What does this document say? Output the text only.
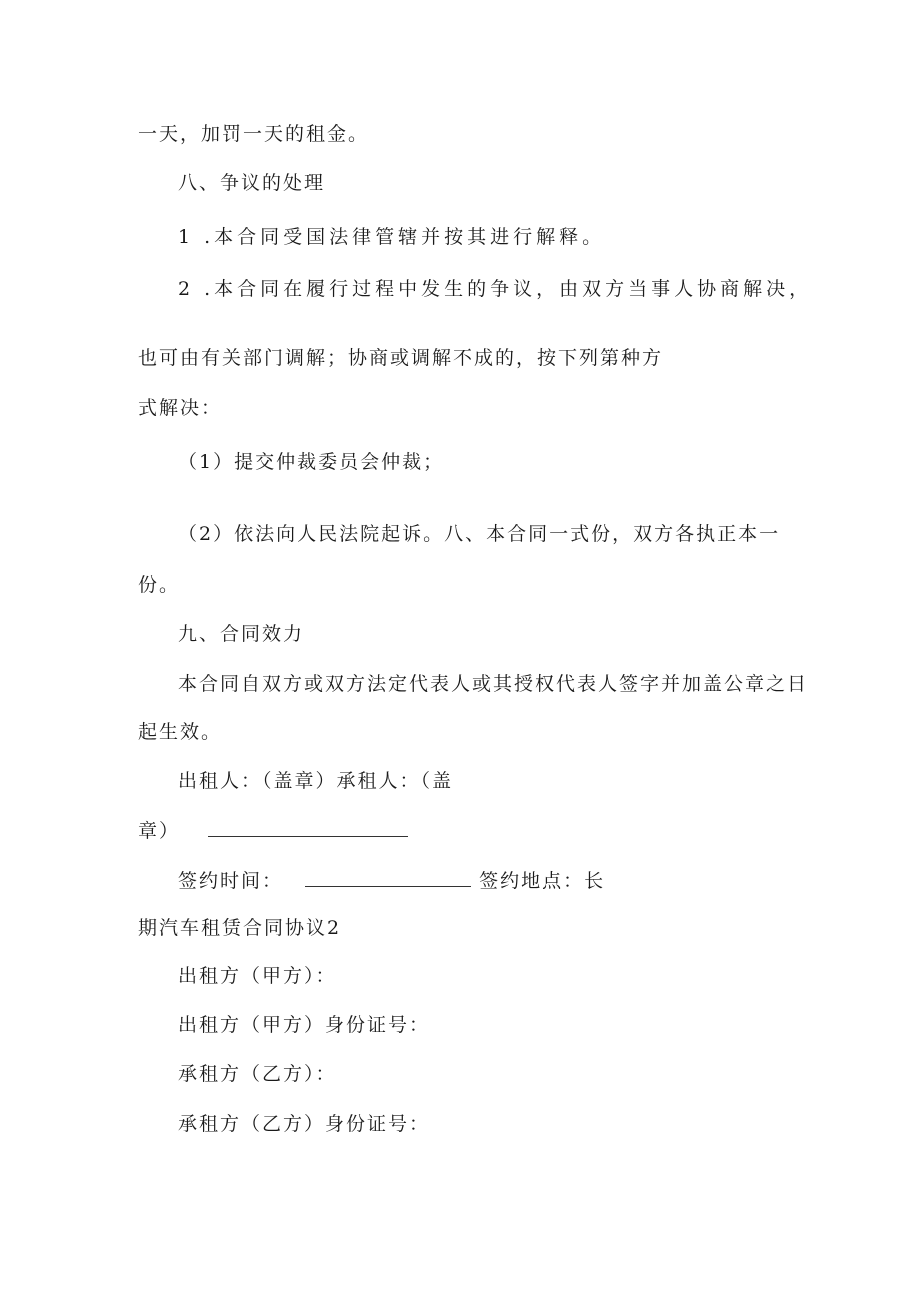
一天，加罚一天的租金。
八、争议的处理
1 .本合同受国法律管辖并按其进行解释。
2 .本合同在履行过程中发生的争议，由双方当事人协商解决，
也可由有关部门调解；协商或调解不成的，按下列第种方
式解决：
（1）提交仲裁委员会仲裁；
（2）依法向人民法院起诉。八、本合同一式份，双方各执正本一
份。
九、合同效力
本合同自双方或双方法定代表人或其授权代表人签字并加盖公章之日
起生效。
出租人：（盖章）承租人：（盖
章）
签约时间：	签约地点：长
期汽车租赁合同协议2
出租方（甲方）：
出租方（甲方）身份证号：
承租方（乙方）：
承租方（乙方）身份证号：
